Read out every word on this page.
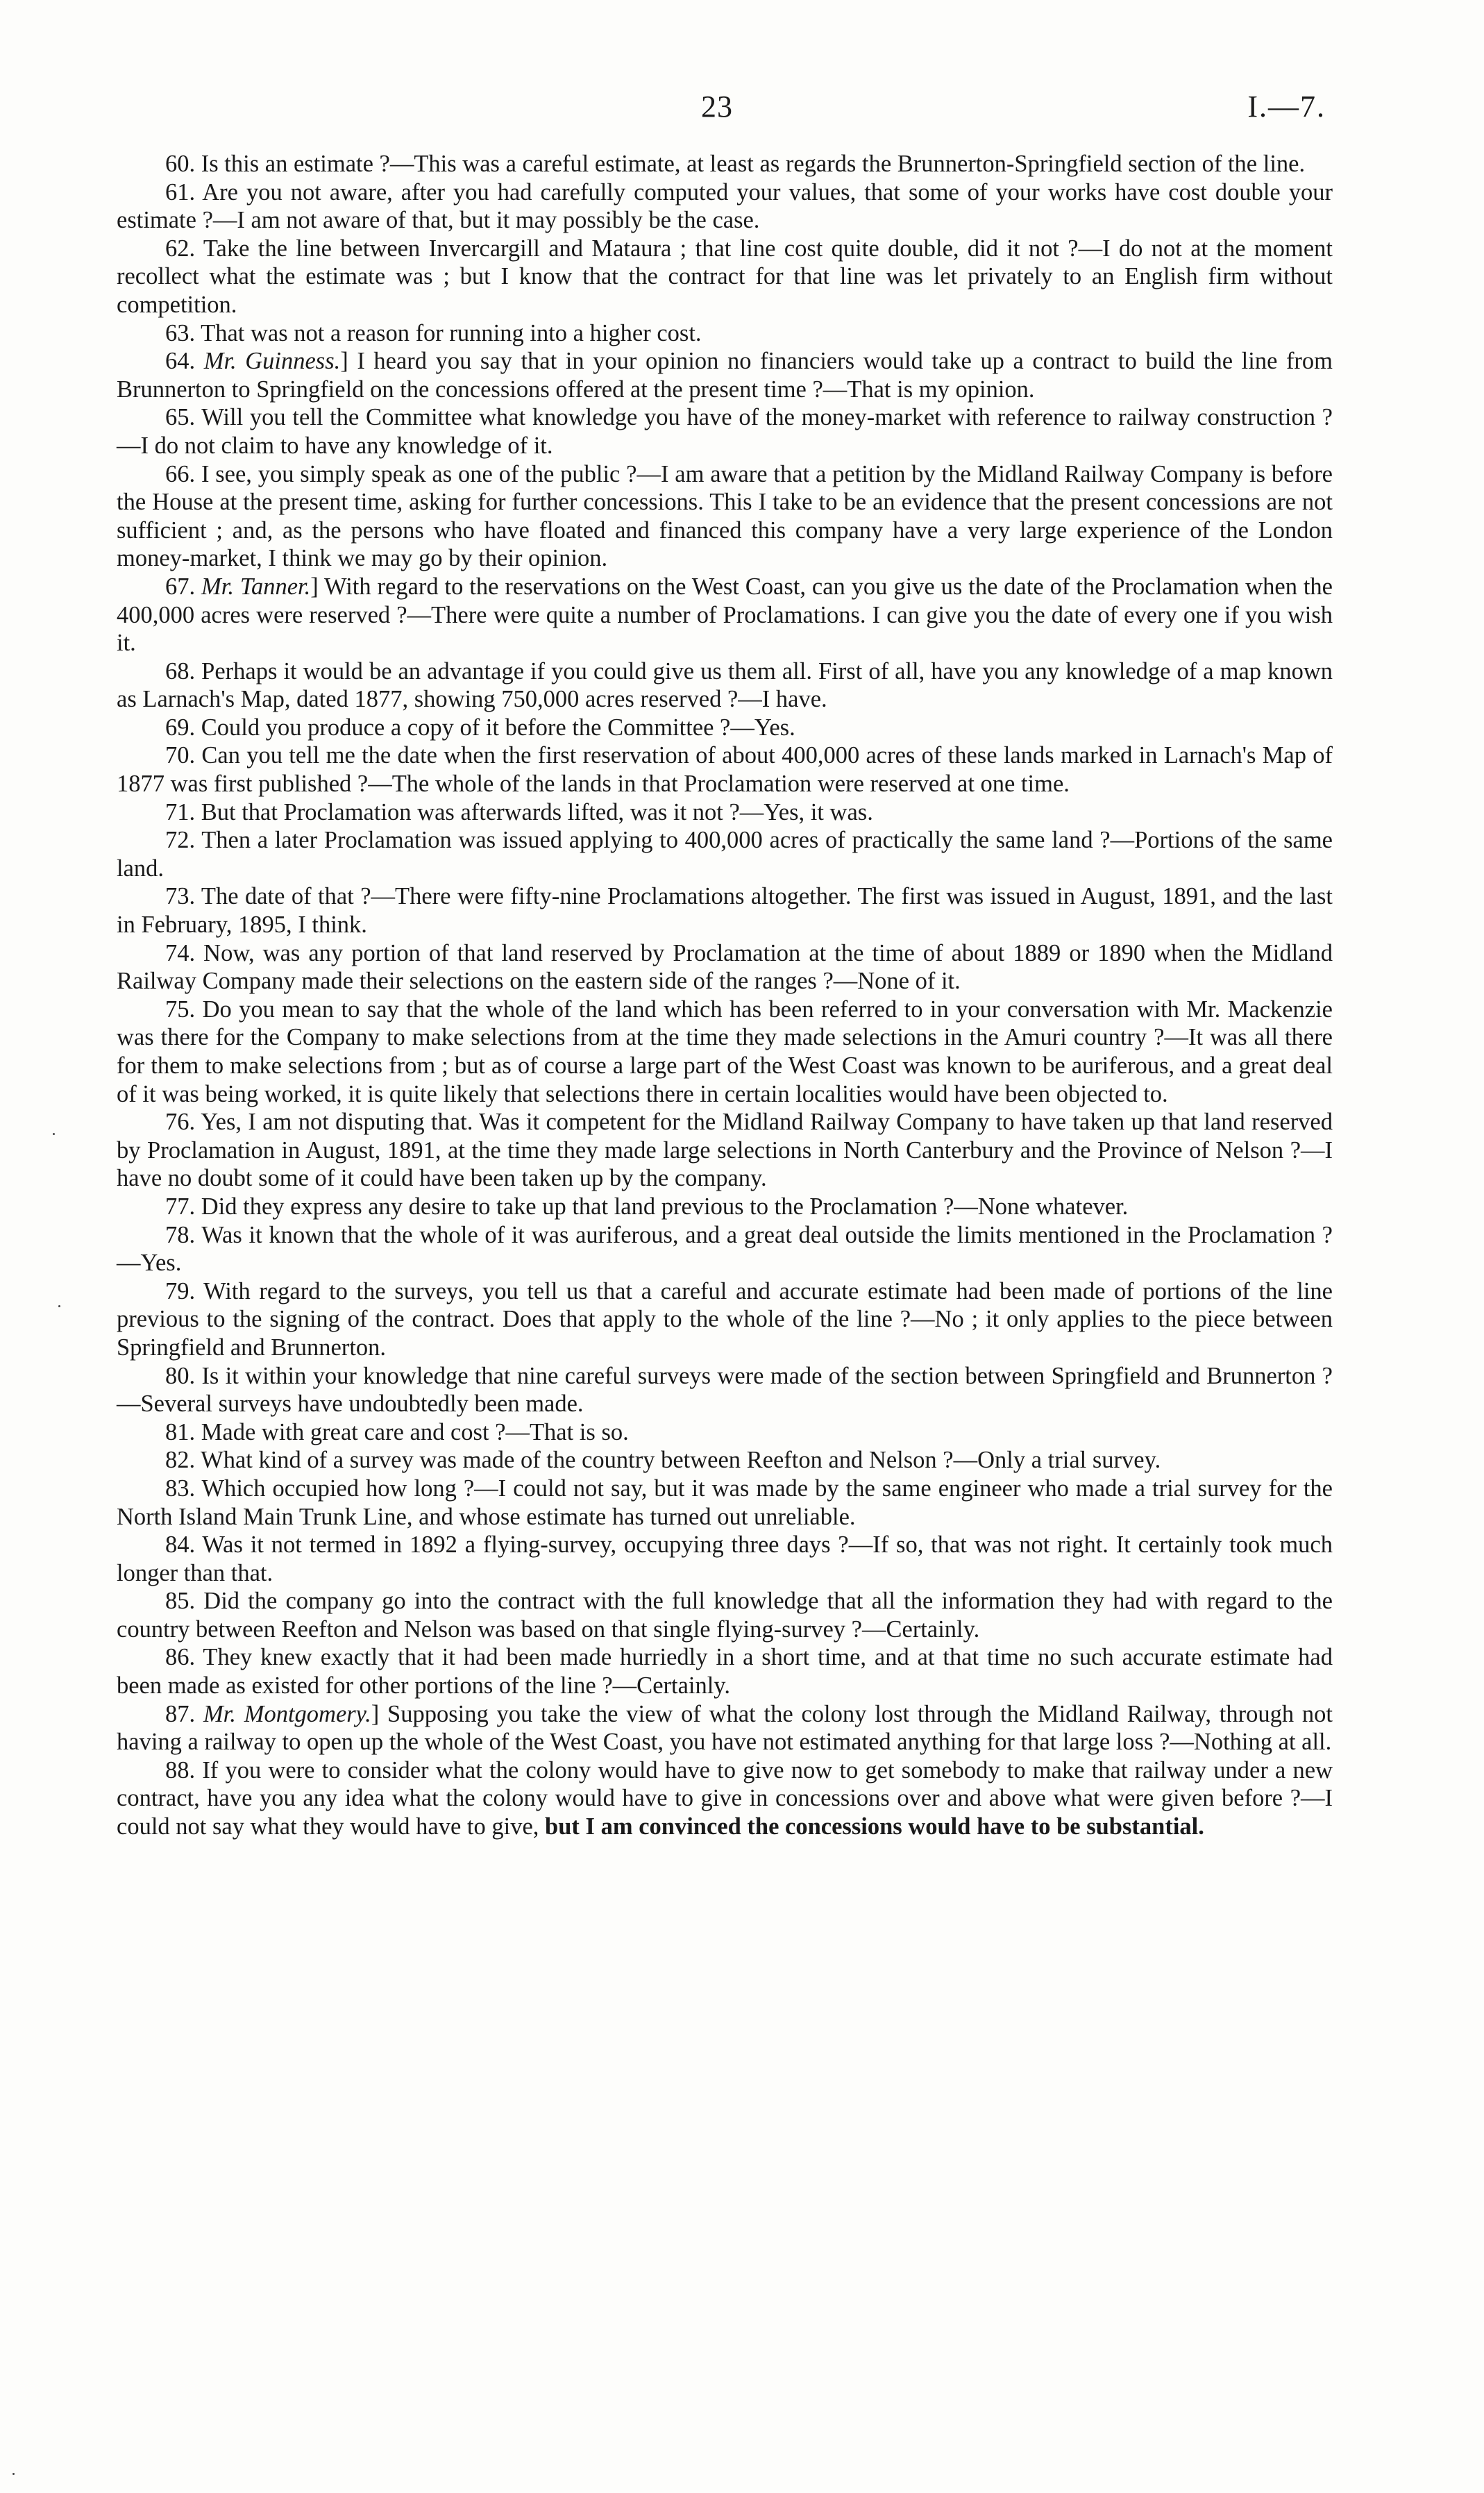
23	I.—7.

60. Is this an estimate ?—This was a careful estimate, at least as regards the Brunnerton-Springfield section of the line.

61. Are you not aware, after you had carefully computed your values, that some of your works have cost double your estimate ?—I am not aware of that, but it may possibly be the case.

62. Take the line between Invercargill and Mataura ; that line cost quite double, did it not ?—I do not at the moment recollect what the estimate was ; but I know that the contract for that line was let privately to an English firm without competition.

63. That was not a reason for running into a higher cost.

64. Mr. Guinness.] I heard you say that in your opinion no financiers would take up a contract to build the line from Brunnerton to Springfield on the concessions offered at the present time ?—That is my opinion.

65. Will you tell the Committee what knowledge you have of the money-market with reference to railway construction ?—I do not claim to have any knowledge of it.

66. I see, you simply speak as one of the public ?—I am aware that a petition by the Midland Railway Company is before the House at the present time, asking for further concessions. This I take to be an evidence that the present concessions are not sufficient ; and, as the persons who have floated and financed this company have a very large experience of the London money-market, I think we may go by their opinion.

67. Mr. Tanner.] With regard to the reservations on the West Coast, can you give us the date of the Proclamation when the 400,000 acres were reserved ?—There were quite a number of Proclamations. I can give you the date of every one if you wish it.

68. Perhaps it would be an advantage if you could give us them all. First of all, have you any knowledge of a map known as Larnach's Map, dated 1877, showing 750,000 acres reserved ?—I have.

69. Could you produce a copy of it before the Committee ?—Yes.

70. Can you tell me the date when the first reservation of about 400,000 acres of these lands marked in Larnach's Map of 1877 was first published ?—The whole of the lands in that Proclamation were reserved at one time.

71. But that Proclamation was afterwards lifted, was it not ?—Yes, it was.

72. Then a later Proclamation was issued applying to 400,000 acres of practically the same land ?—Portions of the same land.

73. The date of that ?—There were fifty-nine Proclamations altogether. The first was issued in August, 1891, and the last in February, 1895, I think.

74. Now, was any portion of that land reserved by Proclamation at the time of about 1889 or 1890 when the Midland Railway Company made their selections on the eastern side of the ranges ?—None of it.

75. Do you mean to say that the whole of the land which has been referred to in your conversation with Mr. Mackenzie was there for the Company to make selections from at the time they made selections in the Amuri country ?—It was all there for them to make selections from ; but as of course a large part of the West Coast was known to be auriferous, and a great deal of it was being worked, it is quite likely that selections there in certain localities would have been objected to.

76. Yes, I am not disputing that. Was it competent for the Midland Railway Company to have taken up that land reserved by Proclamation in August, 1891, at the time they made large selections in North Canterbury and the Province of Nelson ?—I have no doubt some of it could have been taken up by the company.

77. Did they express any desire to take up that land previous to the Proclamation ?—None whatever.

78. Was it known that the whole of it was auriferous, and a great deal outside the limits mentioned in the Proclamation ?—Yes.

79. With regard to the surveys, you tell us that a careful and accurate estimate had been made of portions of the line previous to the signing of the contract. Does that apply to the whole of the line ?—No ; it only applies to the piece between Springfield and Brunnerton.

80. Is it within your knowledge that nine careful surveys were made of the section between Springfield and Brunnerton ?—Several surveys have undoubtedly been made.

81. Made with great care and cost ?—That is so.

82. What kind of a survey was made of the country between Reefton and Nelson ?—Only a trial survey.

83. Which occupied how long ?—I could not say, but it was made by the same engineer who made a trial survey for the North Island Main Trunk Line, and whose estimate has turned out unreliable.

84. Was it not termed in 1892 a flying-survey, occupying three days ?—If so, that was not right. It certainly took much longer than that.

85. Did the company go into the contract with the full knowledge that all the information they had with regard to the country between Reefton and Nelson was based on that single flying-survey ?—Certainly.

86. They knew exactly that it had been made hurriedly in a short time, and at that time no such accurate estimate had been made as existed for other portions of the line ?—Certainly.

87. Mr. Montgomery.] Supposing you take the view of what the colony lost through the Midland Railway, through not having a railway to open up the whole of the West Coast, you have not estimated anything for that large loss ?—Nothing at all.

88. If you were to consider what the colony would have to give now to get somebody to make that railway under a new contract, have you any idea what the colony would have to give in concessions over and above what were given before ?—I could not say what they would have to give, but I am convinced the concessions would have to be substantial.
